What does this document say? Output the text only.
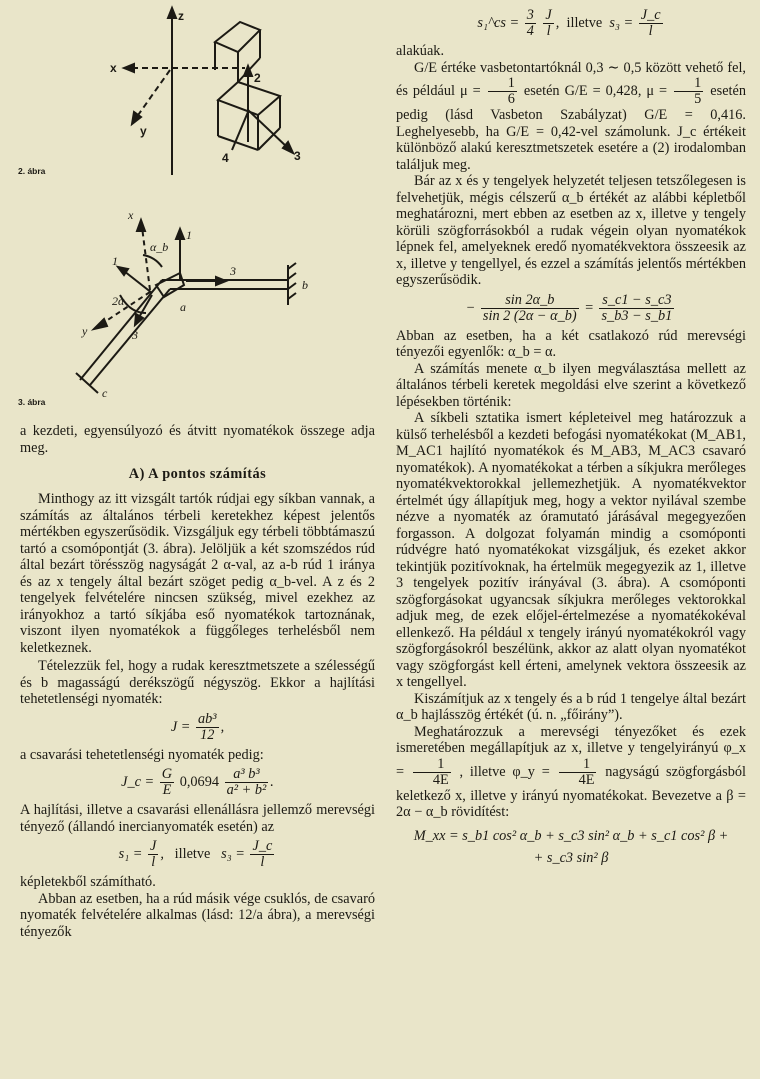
z
x
y
2
3
4
2. ábra
x
y
α_b
2α	a
b
c
1
3
1
3
3. ábra

a kezdeti, egyensúlyozó és átvitt nyomatékok összege adja meg.

A) A pontos számítás

Minthogy az itt vizsgált tartók rúdjai egy síkban vannak, a számítás az általános térbeli keretekhez képest jelentős mértékben egyszerűsödik. Vizsgáljuk egy térbeli többtámaszú tartó a csomópontját (3. ábra). Jelöljük a két szomszédos rúd által bezárt törésszög nagyságát 2 α-val, az a-b rúd 1 iránya és az x tengely által bezárt szöget pedig α_b-vel. A z és 2 tengelyek felvételére nincsen szükség, mivel ezekhez az irányokhoz a tartó síkjába eső nyomatékok tartoznának, viszont ilyen nyomatékok a függőleges terhelésből nem keletkeznek.

Tételezzük fel, hogy a rudak keresztmetszete a szélességű és b magasságú derékszögű négyszög. Ekkor a hajlítási tehetetlenségi nyomaték:

$J = \frac{\text{ab³}}{12}$ ,

a csavarási tehetetlenségi nyomaték pedig:

J_c = $\frac{G}{E} 0,0694 \frac{\text{a³ b³}}{\text{a² + b²}}$ .

A hajlítási, illetve a csavarási ellenállásra jellemző merevségi tényező (állandó inercianyomaték esetén) az

$s_1 = \frac{J}{l}$ ,   illetve $s_3 = \frac{J\_c}{l}$

képletekből számítható.

Abban az esetben, ha a rúd másik vége csuklós, de csavaró nyomaték felvételére alkalmas (lásd: 12/a ábra), a merevségi tényezők

s₁^cs = $\frac{3}{4}$
$\frac{J}{l}$ ,  illetve $s_3 = \frac{J\_c}{l}$

alakúak.

G/E értéke vasbetontartóknál 0,3 ∼ 0,5 között vehető fel, és például $\mu = \frac{1}{6}$ esetén G/E = 0,428, $\mu = \frac{1}{5}$ esetén pedig (lásd Vasbeton Szabályzat) G/E = 0,416. Leghelyesebb, ha G/E = 0,42-vel számolunk. J_c értékeit különböző alakú keresztmetszetek esetére a (2) irodalomban találjuk meg.

Bár az x és y tengelyek helyzetét teljesen tetszőlegesen is felvehetjük, mégis célszerű α_b értékét az alábbi képletből meghatározni, mert ebben az esetben az x, illetve y tengely körüli szögforrásokból a rudak végein olyan nyomatékok lépnek fel, amelyeknek eredő nyomatékvektora összeesik az x, illetve y tengellyel, és ezzel a számítás jelentős mértékben egyszerűsödik.

− $\frac{\sin 2\alpha\_b}{\sin 2 (2\alpha - \alpha\_b)} = \frac{s\_c1 - s\_c3}{s\_b3 - s\_b1}$

Abban az esetben, ha a két csatlakozó rúd merevségi tényezői egyenlők: α_b = α.

A számítás menete α_b ilyen megválasztása mellett az általános térbeli keretek megoldási elve szerint a következő lépésekben történik:

A síkbeli sztatika ismert képleteivel meg határozzuk a külső terhelésből a kezdeti befogási nyomatékokat (M_AB1, M_AC1 hajlító nyomatékok és M_AB3, M_AC3 csavaró nyomatékok). A nyomatékokat a térben a síkjukra merőleges nyomatékvektorokkal jellemezhetjük. A nyomatékvektor értelmét úgy állapítjuk meg, hogy a vektor nyilával szembe nézve a nyomaték az óramutató járásával megegyezően forgasson. A dolgozat folyamán mindig a csomóponti rúdvégre ható nyomatékokat vizsgáljuk, és ezeket akkor tekintjük pozitívoknak, ha értelmük megegyezik az 1, illetve 3 tengelyek pozitív irányával (3. ábra). A csomóponti szögforgásokat ugyancsak síkjukra merőleges vektorokkal adjuk meg, de ezek előjel-értelmezése a nyomatékokéval ellenkező. Ha például x tengely irányú nyomatékokról vagy szögforgásokról beszélünk, akkor az alatt olyan nyomatékot vagy szögforgást kell érteni, amelynek vektora összeesik az x tengellyel.

Kiszámítjuk az x tengely és a b rúd 1 tengelye által bezárt α_b hajlásszög értékét (ú. n. „főirány”).

Meghatározzuk a merevségi tényezőket és ezek ismeretében megállapítjuk az x, illetve y tengelyirányú φ_x = $\frac{1}{4E}$ , illetve φ_y = $\frac{1}{4E}$ nagyságú szögforgásból keletkező x, illetve y irányú nyomatékokat. Bevezetve a β = 2α − α_b rövidítést:

M_xx = s_b1 cos² α_b + s_c3 sin² α_b + s_c1 cos² β +
+ s_c3 sin² β
